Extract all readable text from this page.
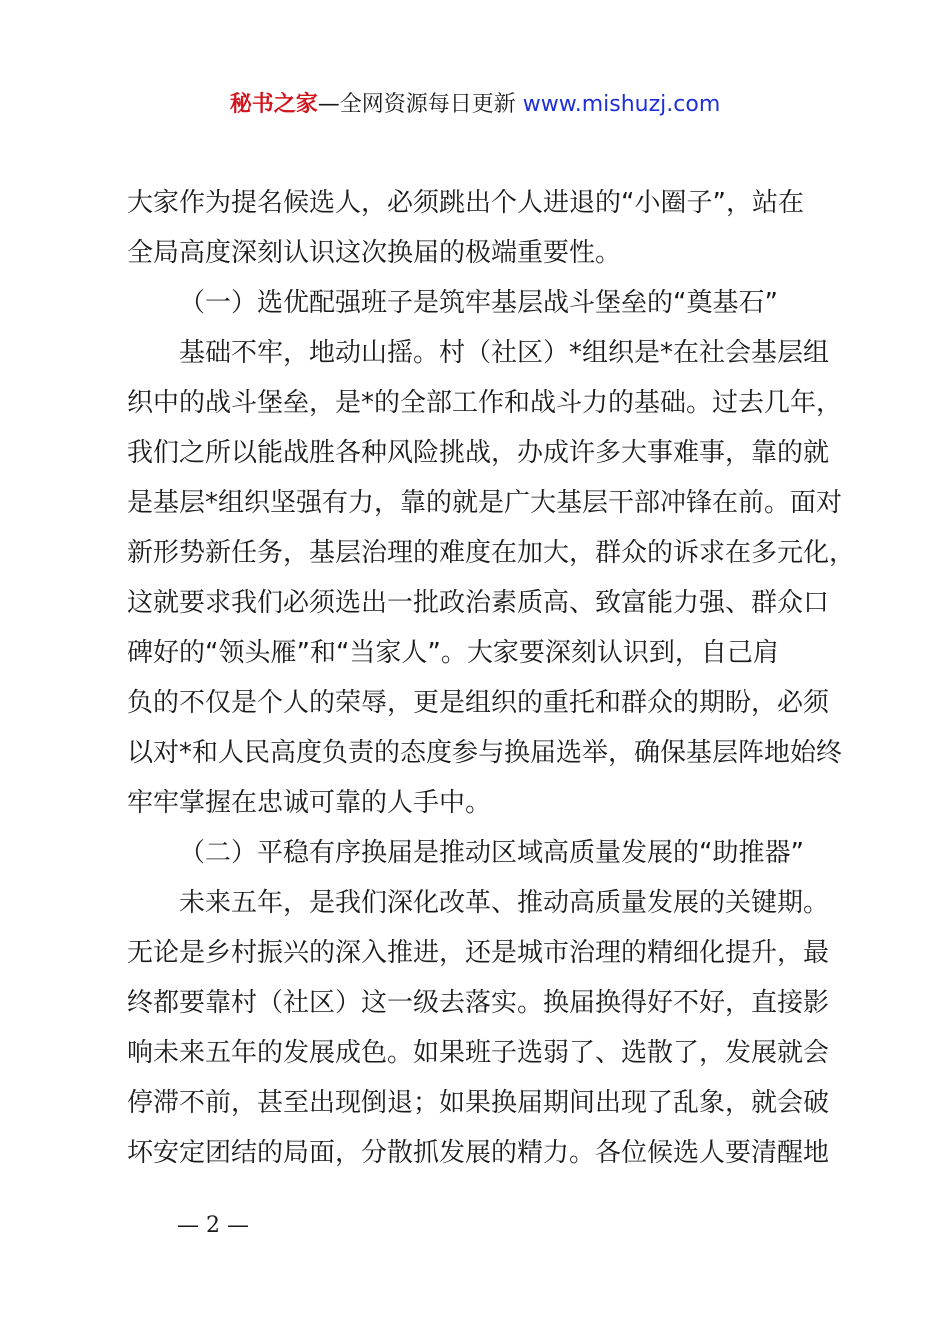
秘书之家—全网资源每日更新 www.mishuzj.com
大家作为提名候选人，必须跳出个人进退的“小圈子”，站在
全局高度深刻认识这次换届的极端重要性。
（一）选优配强班子是筑牢基层战斗堡垒的“奠基石”
基础不牢，地动山摇。村（社区）*组织是*在社会基层组
织中的战斗堡垒，是*的全部工作和战斗力的基础。过去几年，
我们之所以能战胜各种风险挑战，办成许多大事难事，靠的就
是基层*组织坚强有力，靠的就是广大基层干部冲锋在前。面对
新形势新任务，基层治理的难度在加大，群众的诉求在多元化，
这就要求我们必须选出一批政治素质高、致富能力强、群众口
碑好的“领头雁”和“当家人”。大家要深刻认识到，自己肩
负的不仅是个人的荣辱，更是组织的重托和群众的期盼，必须
以对*和人民高度负责的态度参与换届选举，确保基层阵地始终
牢牢掌握在忠诚可靠的人手中。
（二）平稳有序换届是推动区域高质量发展的“助推器”
未来五年，是我们深化改革、推动高质量发展的关键期。
无论是乡村振兴的深入推进，还是城市治理的精细化提升，最
终都要靠村（社区）这一级去落实。换届换得好不好，直接影
响未来五年的发展成色。如果班子选弱了、选散了，发展就会
停滞不前，甚至出现倒退；如果换届期间出现了乱象，就会破
坏安定团结的局面，分散抓发展的精力。各位候选人要清醒地
— 2 —
